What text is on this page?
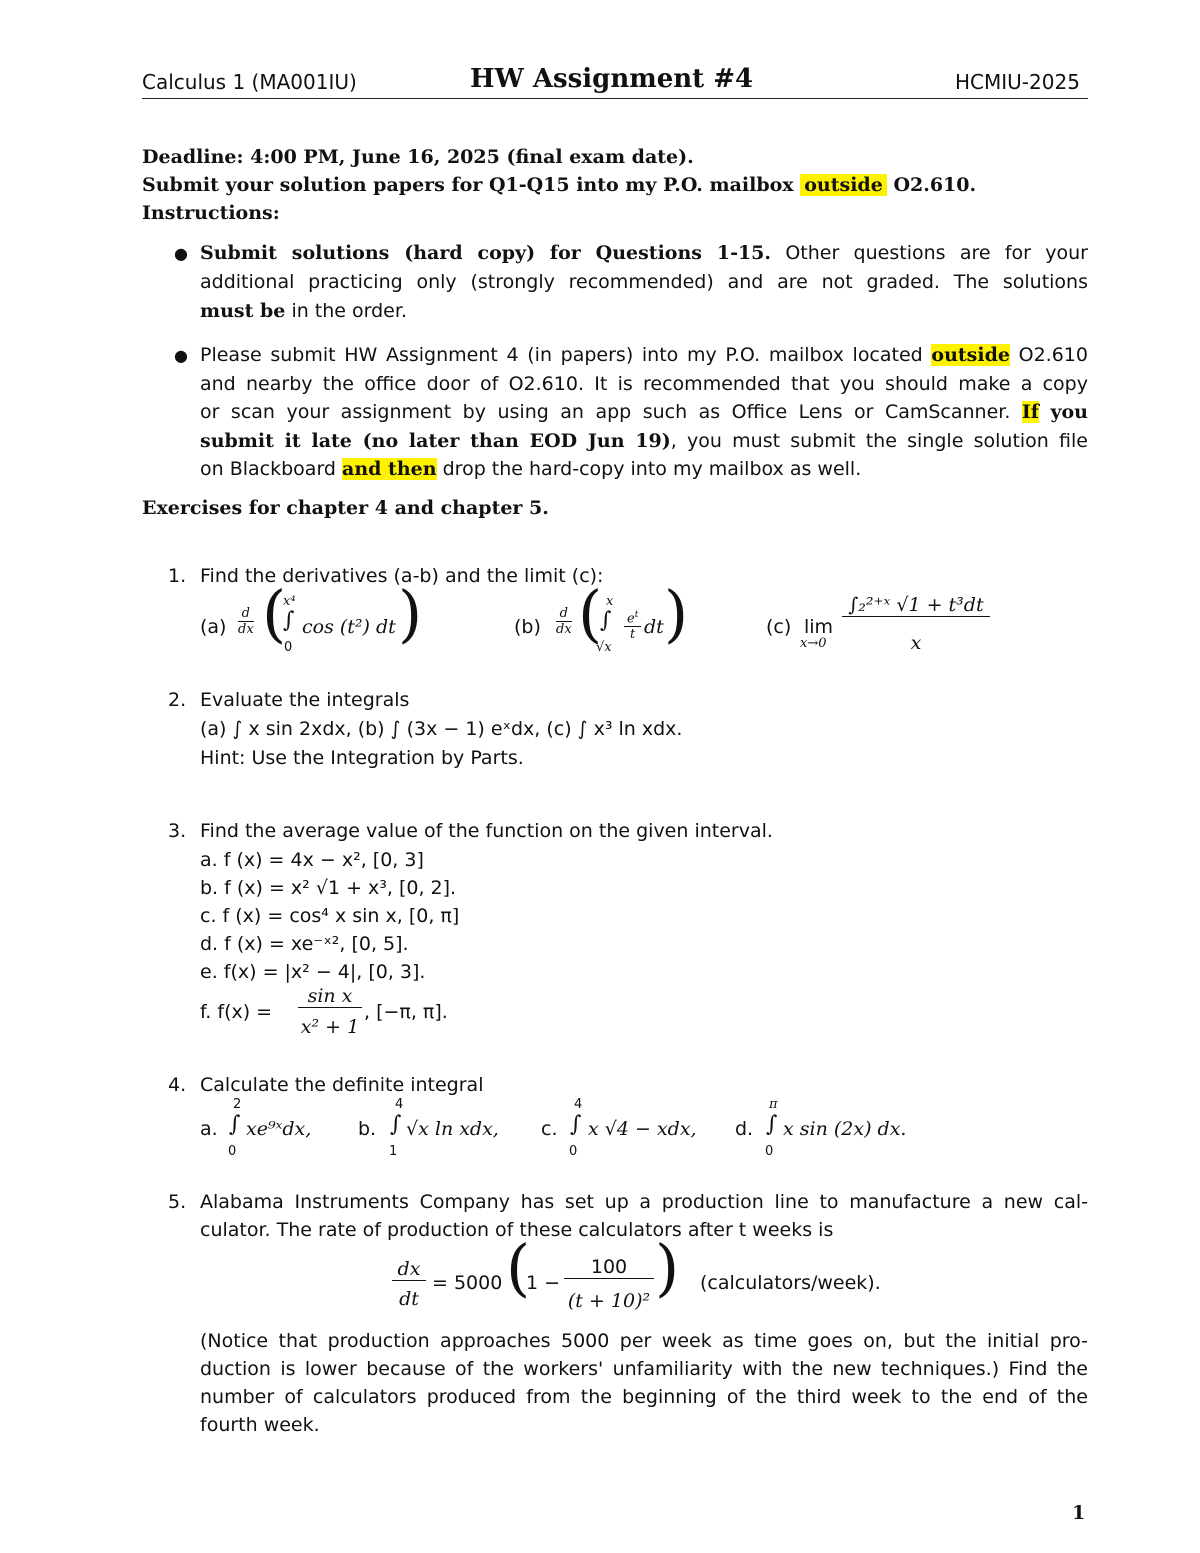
Calculus 1 (MA001IU)	HW Assignment #4	HCMIU-2025
Deadline: 4:00 PM, June 16, 2025 (final exam date).
Submit your solution papers for Q1-Q15 into my P.O. mailbox outside O2.610.
Instructions:
● Submit solutions (hard copy) for Questions 1-15. Other questions are for your
additional practicing only (strongly recommended) and are not graded. The solutions
must be in the order.
● Please submit HW Assignment 4 (in papers) into my P.O. mailbox located outside O2.610
and nearby the office door of O2.610. It is recommended that you should make a copy
or scan your assignment by using an app such as Office Lens or CamScanner. If you
submit it late (no later than EOD Jun 19), you must submit the single solution file
on Blackboard and then drop the hard-copy into my mailbox as well.
Exercises for chapter 4 and chapter 5.
1. Find the derivatives (a-b) and the limit (c):
$(a) \frac{d}{dx}$ (
x⁴
∫
0
cos (t²) dt )	$(b) \frac{d}{dx}$ ( x
∫
√x
$\frac{e^t}{t}$ dt )	(c) lim
x→0
∫₂²⁺ˣ √1 + t³dt
x
2. Evaluate the integrals
(a) ∫ x sin 2xdx, (b) ∫ (3x − 1) eˣdx, (c) ∫ x³ ln xdx.
Hint: Use the Integration by Parts.
3. Find the average value of the function on the given interval.
a. f (x) = 4x − x², [0, 3]
b. f (x) = x² √1 + x³, [0, 2].
c. f (x) = cos⁴ x sin x, [0, π]
d. f (x) = xe⁻ˣ², [0, 5].
e. f(x) = |x² − 4|, [0, 3].
f. f(x) =
sin x
x² + 1
, [−π, π].
4. Calculate the definite integral
a.
2
∫
0
xe⁹ˣdx, b.
4
∫
1
√x ln xdx, c.
4
∫
0
x √4 − xdx, d.
π
∫
0
x sin (2x) dx.
5. Alabama Instruments Company has set up a production line to manufacture a new cal-
culator. The rate of production of these calculators after t weeks is
dx
dt
= 5000 (
1 −
100
(t + 10)² ) (calculators/week).
(Notice that production approaches 5000 per week as time goes on, but the initial pro-
duction is lower because of the workers' unfamiliarity with the new techniques.) Find the
number of calculators produced from the beginning of the third week to the end of the
fourth week.
1
